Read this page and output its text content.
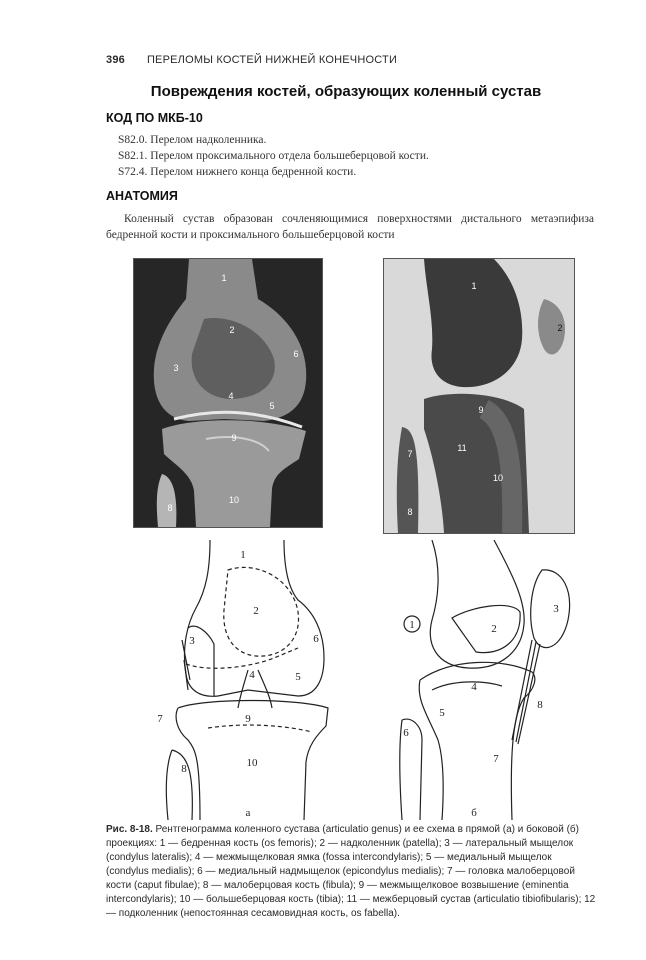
396 ПЕРЕЛОМЫ КОСТЕЙ НИЖНЕЙ КОНЕЧНОСТИ
Повреждения костей, образующих коленный сустав
КОД ПО МКБ-10
S82.0. Перелом надколенника.
S82.1. Перелом проксимального отдела большеберцовой кости.
S72.4. Перелом нижнего конца бедренной кости.
АНАТОМИЯ
Коленный сустав образован сочленяющимися поверхностями дистального метаэпифиза бедренной кости и проксимального большеберцовой кости
1
2
3
4
5
6
8
9
10
1
2
7
8
9
10
11
1
2
3
4	5
6
7
8
9
10
а
1	2
3
4
5
6
7
8
б
Рис. 8-18. Рентгенограмма коленного сустава (articulatio genus) и ее схема в прямой (а) и боковой (б) проекциях: 1 — бедренная кость (os femoris); 2 — надколенник (patella); 3 — латеральный мыщелок (condylus lateralis); 4 — межмыщелковая ямка (fossa intercondylaris); 5 — медиальный мыщелок (condylus medialis); 6 — медиальный надмыщелок (epicondylus medialis); 7 — головка малоберцовой кости (caput fibulae); 8 — малоберцовая кость (fibula); 9 — межмыщелковое возвышение (eminentia intercondylaris); 10 — большеберцовая кость (tibia); 11 — межберцовый сустав (articulatio tibiofibularis); 12 — подколенник (непостоянная сесамовидная кость, os fabella).
